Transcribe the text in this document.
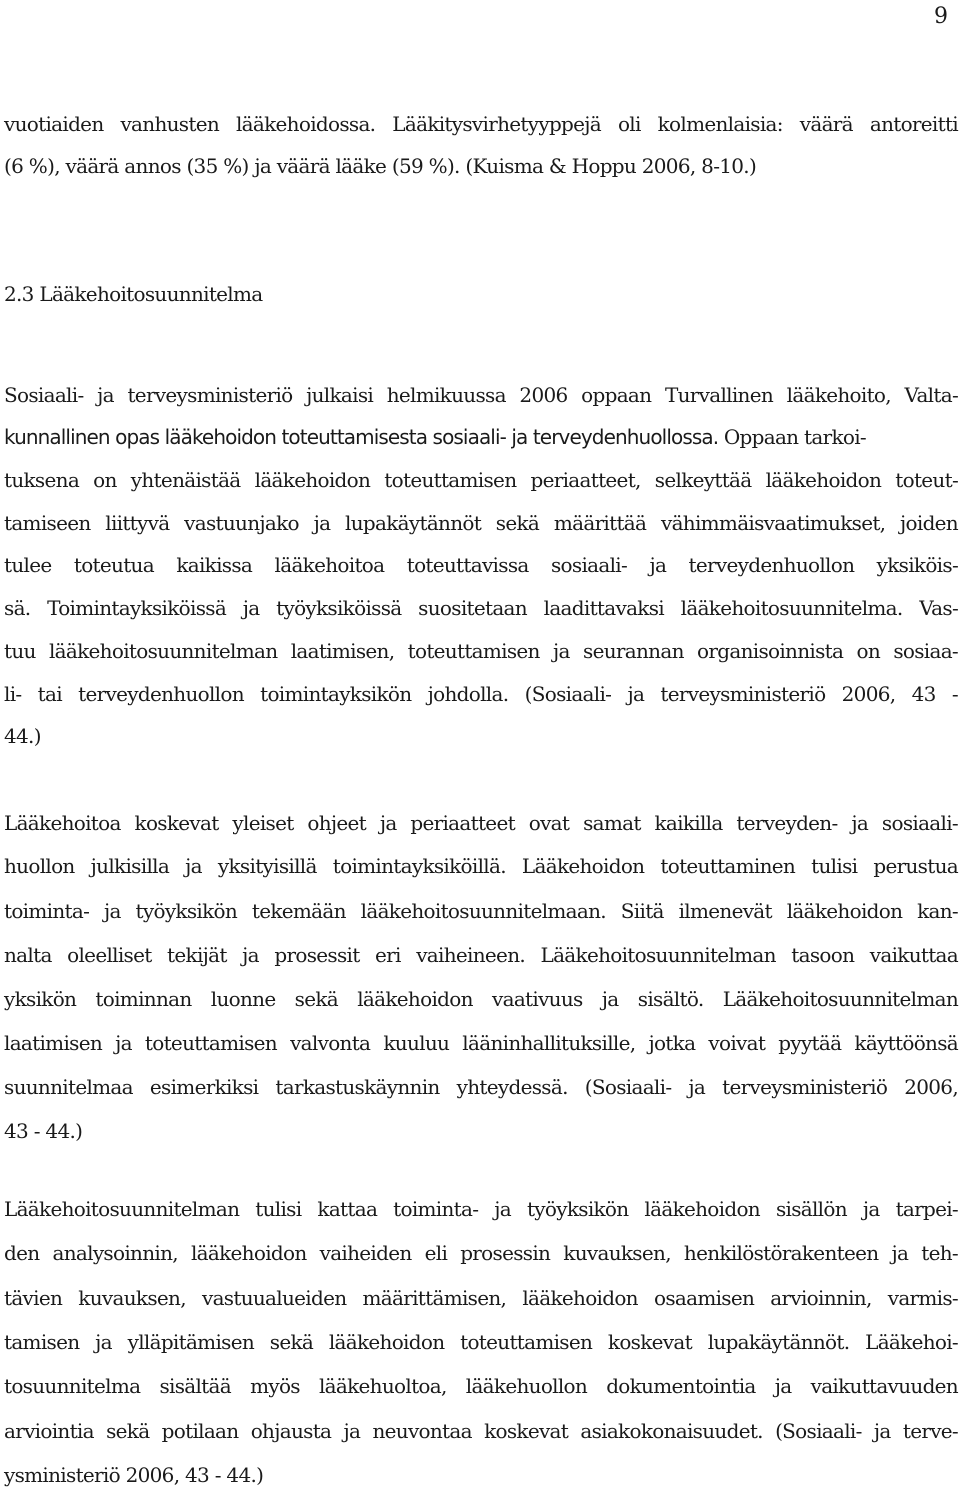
9
vuotiaiden vanhusten lääkehoidossa. Lääkitysvirhetyyppejä oli kolmenlaisia: väärä antoreitti
(6 %), väärä annos (35 %) ja väärä lääke (59 %). (Kuisma & Hoppu 2006, 8-10.)
2.3 Lääkehoitosuunnitelma
Sosiaali- ja terveysministeriö julkaisi helmikuussa 2006 oppaan Turvallinen lääkehoito, Valta-
kunnallinen opas lääkehoidon toteuttamisesta sosiaali- ja terveydenhuollossa. Oppaan tarkoi-
tuksena on yhtenäistää lääkehoidon toteuttamisen periaatteet, selkeyttää lääkehoidon toteut-
tamiseen liittyvä vastuunjako ja lupakäytännöt sekä määrittää vähimmäisvaatimukset, joiden
tulee toteutua kaikissa lääkehoitoa toteuttavissa sosiaali- ja terveydenhuollon yksiköis-
sä. Toimintayksiköissä ja työyksiköissä suositetaan laadittavaksi lääkehoitosuunnitelma. Vas-
tuu lääkehoitosuunnitelman laatimisen, toteuttamisen ja seurannan organisoinnista on sosiaa-
li- tai terveydenhuollon toimintayksikön johdolla. (Sosiaali- ja terveysministeriö 2006, 43 -
44.)
Lääkehoitoa koskevat yleiset ohjeet ja periaatteet ovat samat kaikilla terveyden- ja sosiaali-
huollon julkisilla ja yksityisillä toimintayksiköillä. Lääkehoidon toteuttaminen tulisi perustua
toiminta- ja työyksikön tekemään lääkehoitosuunnitelmaan. Siitä ilmenevät lääkehoidon kan-
nalta oleelliset tekijät ja prosessit eri vaiheineen. Lääkehoitosuunnitelman tasoon vaikuttaa
yksikön toiminnan luonne sekä lääkehoidon vaativuus ja sisältö. Lääkehoitosuunnitelman
laatimisen ja toteuttamisen valvonta kuuluu lääninhallituksille, jotka voivat pyytää käyttöönsä
suunnitelmaa esimerkiksi tarkastuskäynnin yhteydessä. (Sosiaali- ja terveysministeriö 2006,
43 - 44.)
Lääkehoitosuunnitelman tulisi kattaa toiminta- ja työyksikön lääkehoidon sisällön ja tarpei-
den analysoinnin, lääkehoidon vaiheiden eli prosessin kuvauksen, henkilöstörakenteen ja teh-
tävien kuvauksen, vastuualueiden määrittämisen, lääkehoidon osaamisen arvioinnin, varmis-
tamisen ja ylläpitämisen sekä lääkehoidon toteuttamisen koskevat lupakäytännöt. Lääkehoi-
tosuunnitelma sisältää myös lääkehuoltoa, lääkehuollon dokumentointia ja vaikuttavuuden
arviointia sekä potilaan ohjausta ja neuvontaa koskevat asiakokonaisuudet. (Sosiaali- ja terve-
ysministeriö 2006, 43 - 44.)
